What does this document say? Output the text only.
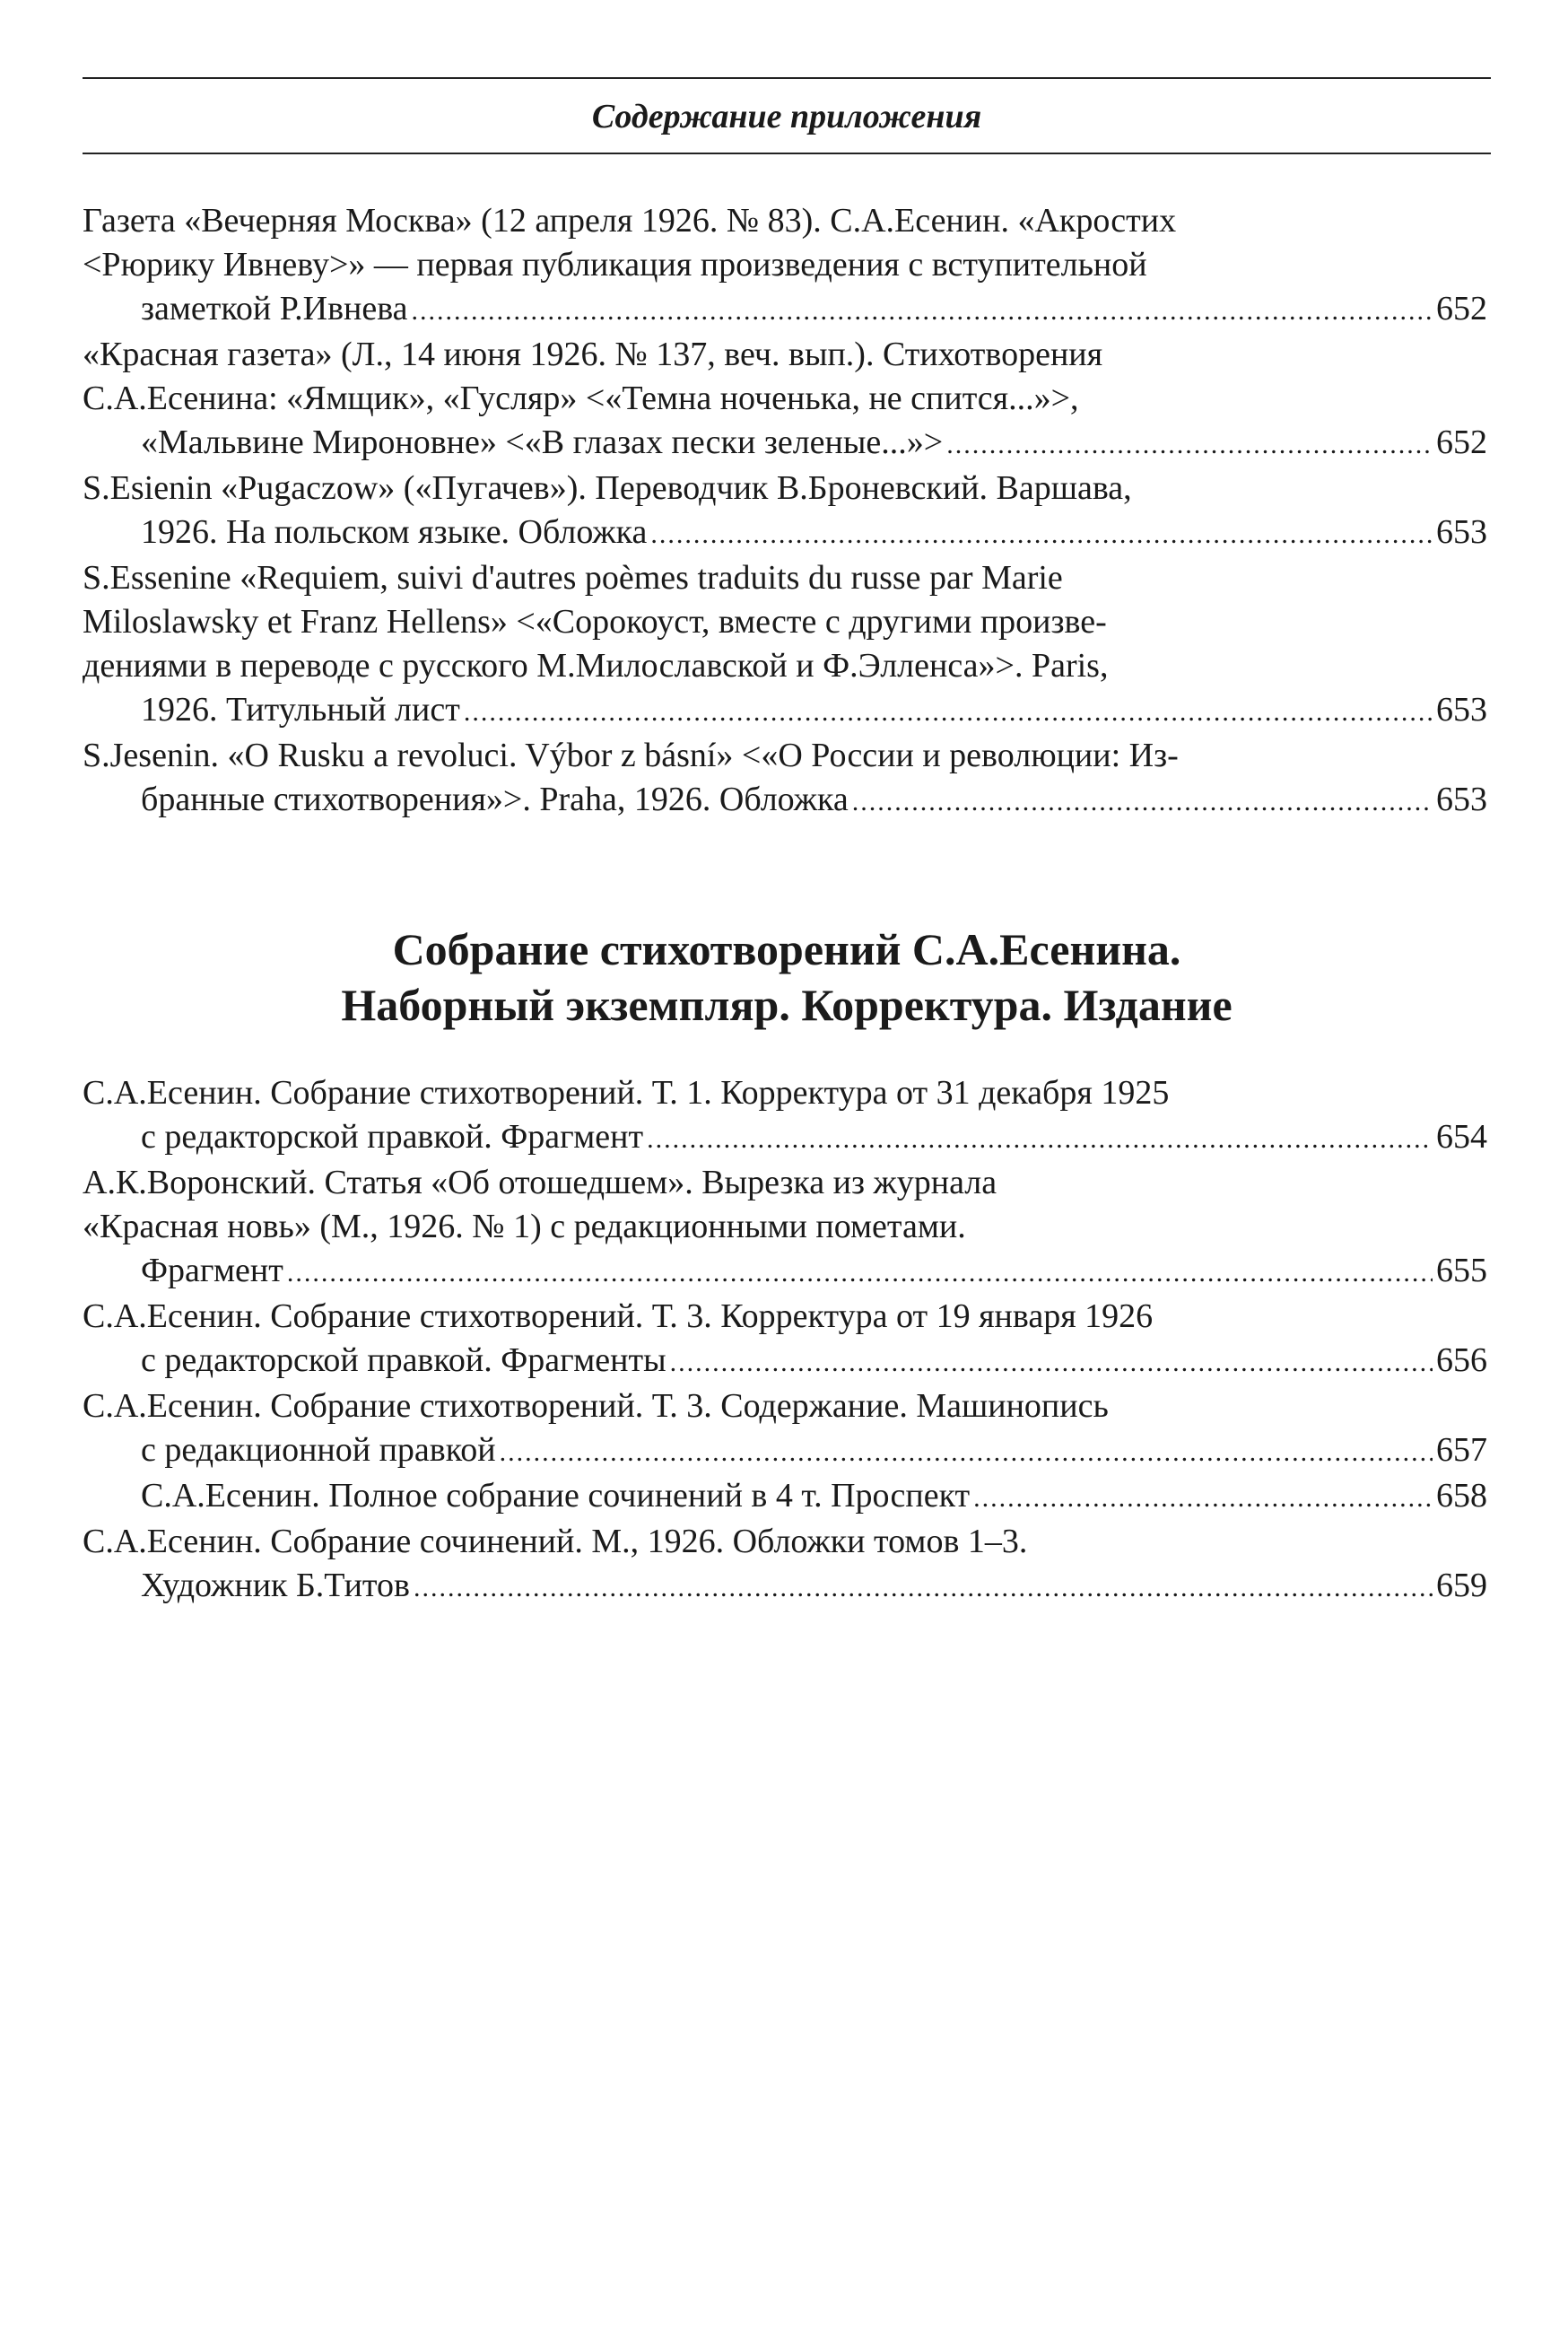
Содержание приложения
Газета «Вечерняя Москва» (12 апреля 1926. № 83). С.А.Есенин. «Акростих
<Рюрику Ивневу>» — первая публикация произведения с вступительной
заметкой Р.Ивнева .....	652
«Красная газета» (Л., 14 июня 1926. № 137, веч. вып.). Стихотворения
С.А.Есенина: «Ямщик», «Гусляр» <«Темна ноченька, не спится...»>,
«Мальвине Мироновне» <«В глазах пески зеленые...»> .....	652
S.Esienin «Pugaczow» («Пугачев»). Переводчик В.Броневский. Варшава,
1926. На польском языке. Обложка .....	653
S.Essenine «Requiem, suivi d'autres poèmes traduits du russe par Marie
Miloslawsky et Franz Hellens» <«Сорокоуст, вместе с другими произве-
дениями в переводе с русского М.Милославской и Ф.Элленса»>. Paris,
1926. Титульный лист .....	653
S.Jesenin. «O Rusku a revoluci. Výbor z básní» <«О России и революции: Из-
бранные стихотворения»>. Praha, 1926. Обложка .....	653
Собрание стихотворений С.А.Есенина.
Наборный экземпляр. Корректура. Издание
С.А.Есенин. Собрание стихотворений. Т. 1. Корректура от 31 декабря 1925
с редакторской правкой. Фрагмент .....	654
А.К.Воронский. Статья «Об отошедшем». Вырезка из журнала
«Красная новь» (М., 1926. № 1) с редакционными пометами.
Фрагмент .....	655
С.А.Есенин. Собрание стихотворений. Т. 3. Корректура от 19 января 1926
с редакторской правкой. Фрагменты .....	656
С.А.Есенин. Собрание стихотворений. Т. 3. Содержание. Машинопись
с редакционной правкой .....	657
С.А.Есенин. Полное собрание сочинений в 4 т. Проспект .....	658
С.А.Есенин. Собрание сочинений. М., 1926. Обложки томов 1–3.
Художник Б.Титов .....	659
